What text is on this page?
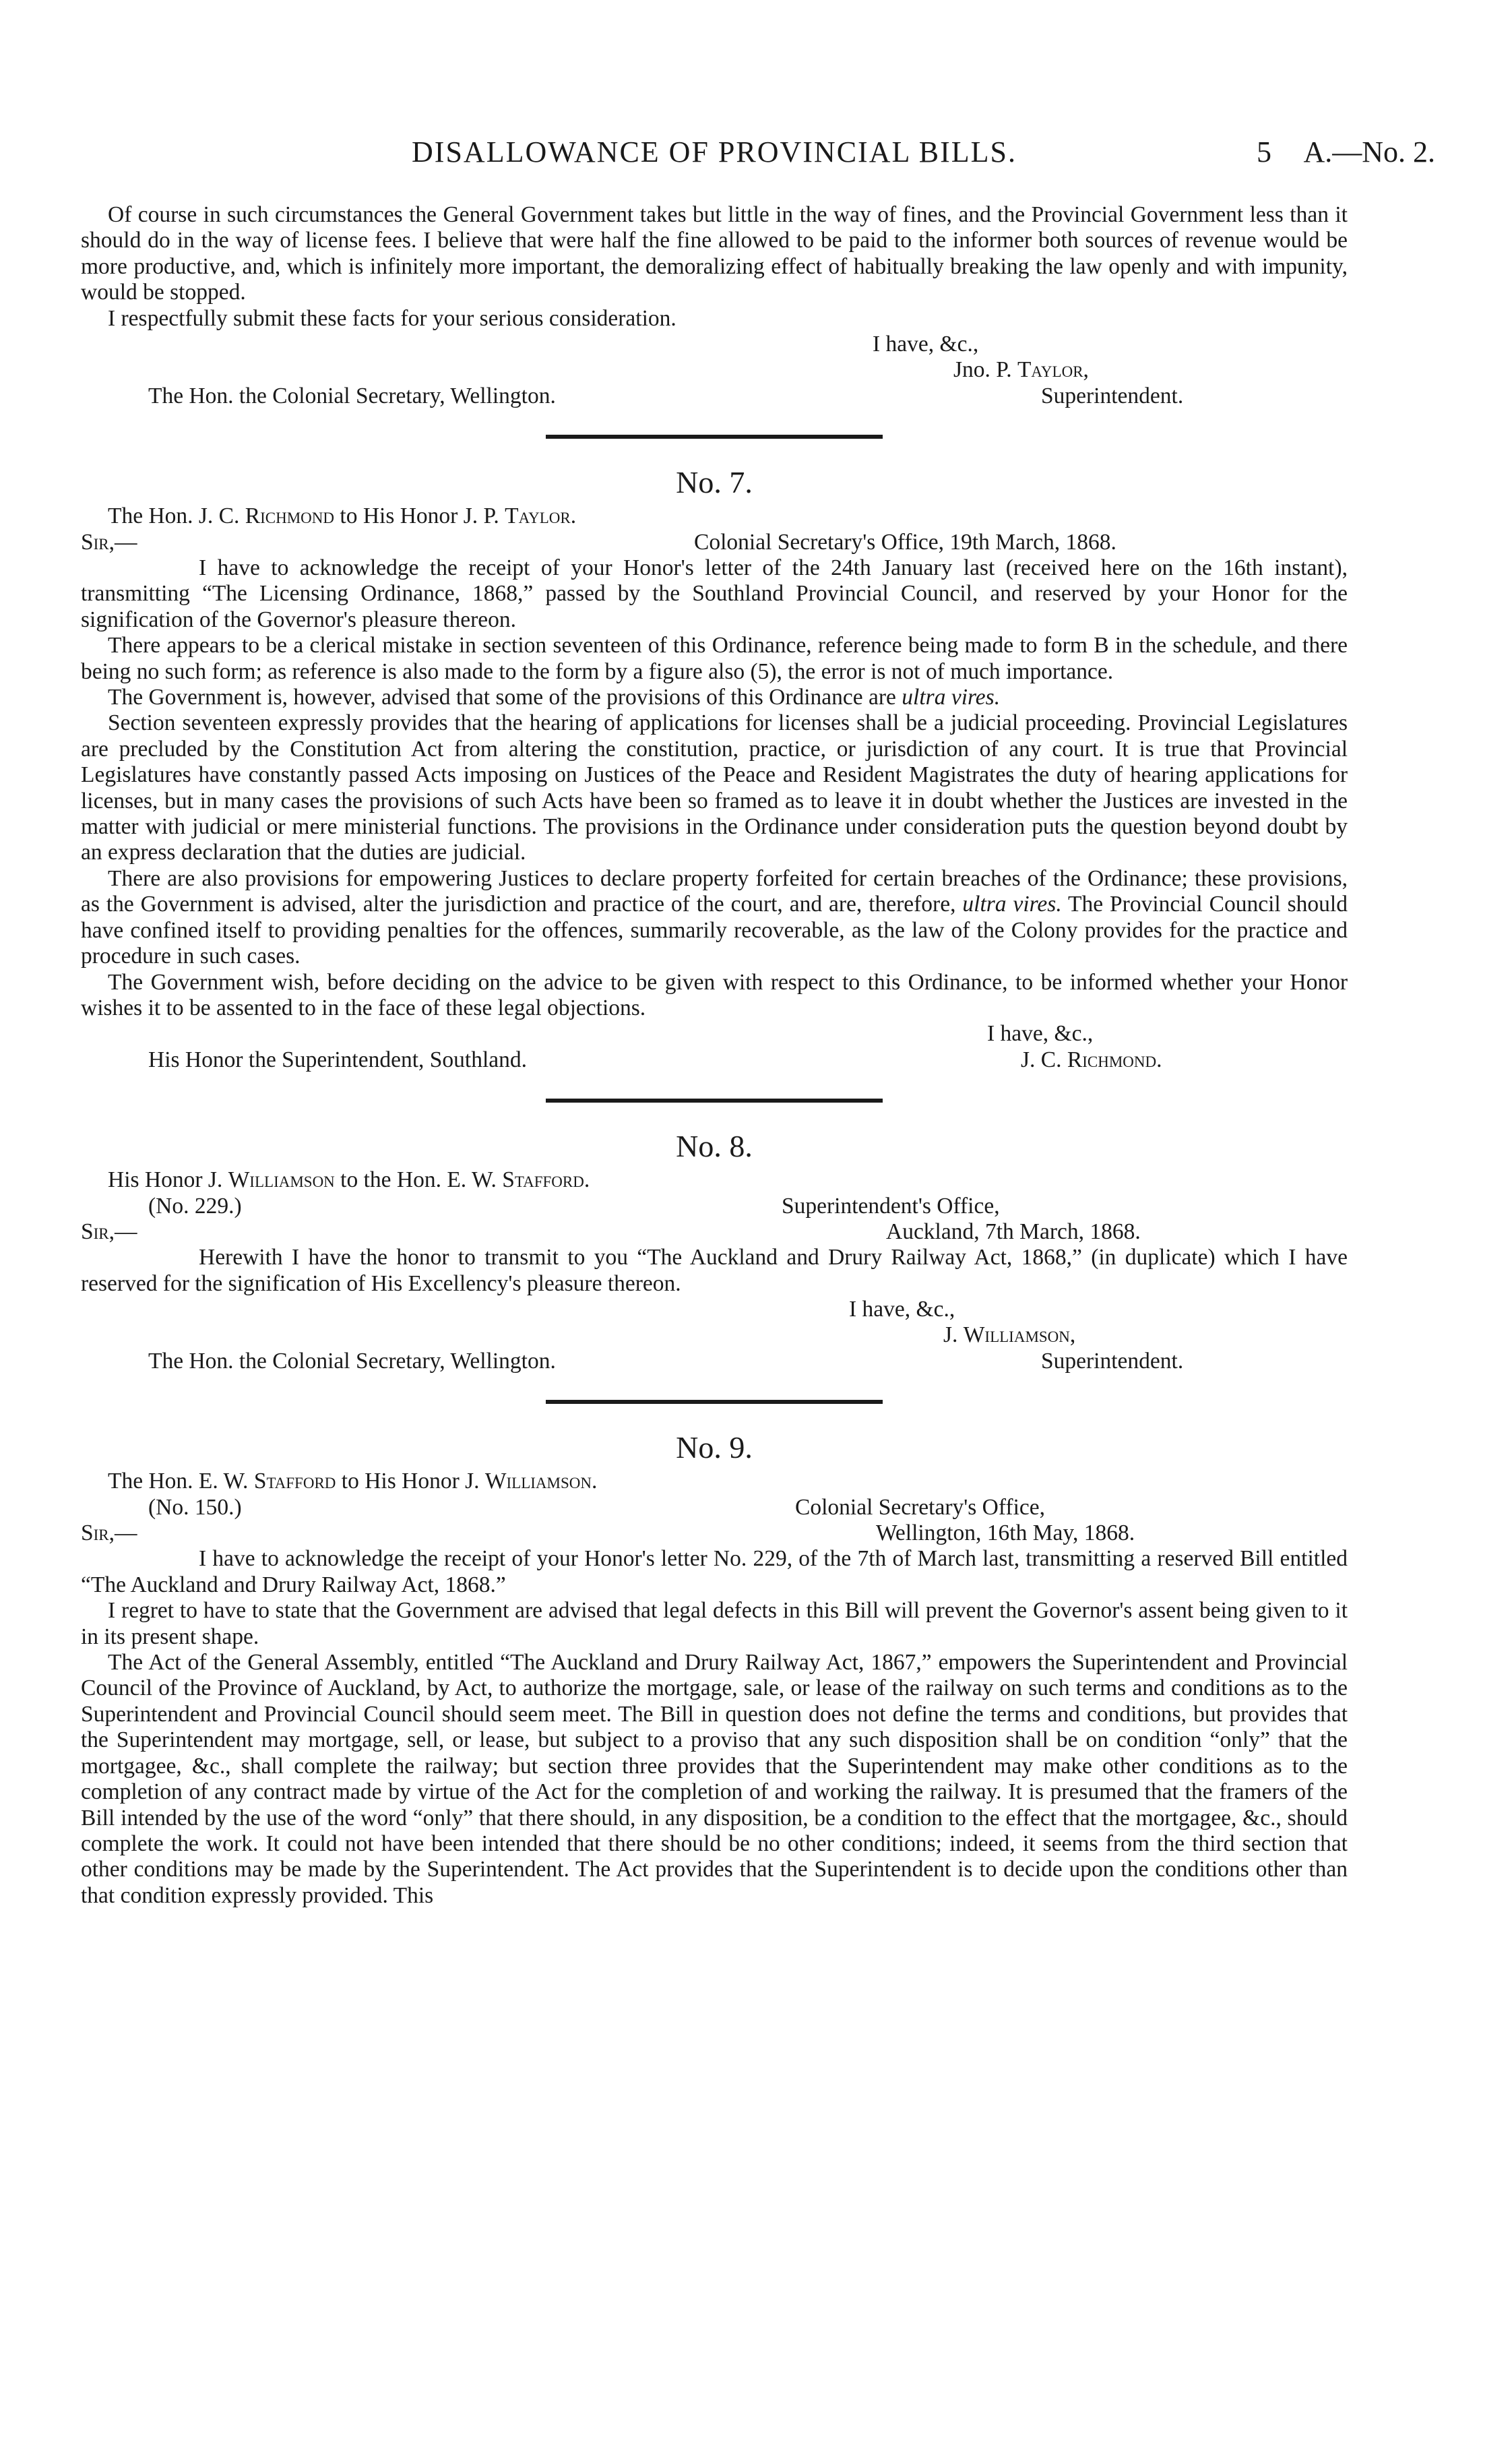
DISALLOWANCE OF PROVINCIAL BILLS.	5 A.—No. 2.

Of course in such circumstances the General Government takes but little in the way of fines, and the Provincial Government less than it should do in the way of license fees. I believe that were half the fine allowed to be paid to the informer both sources of revenue would be more productive, and, which is infinitely more important, the demoralizing effect of habitually breaking the law openly and with impunity, would be stopped.

I respectfully submit these facts for your serious consideration.

I have, &c.,
Jno. P. Taylor,
The Hon. the Colonial Secretary, Wellington.	Superintendent.
No. 7.

The Hon. J. C. Richmond to His Honor J. P. Taylor.

Sir,—	Colonial Secretary's Office, 19th March, 1868.

I have to acknowledge the receipt of your Honor's letter of the 24th January last (received here on the 16th instant), transmitting “The Licensing Ordinance, 1868,” passed by the Southland Provincial Council, and reserved by your Honor for the signification of the Governor's pleasure thereon.

There appears to be a clerical mistake in section seventeen of this Ordinance, reference being made to form B in the schedule, and there being no such form; as reference is also made to the form by a figure also (5), the error is not of much importance.

The Government is, however, advised that some of the provisions of this Ordinance are ultra vires.

Section seventeen expressly provides that the hearing of applications for licenses shall be a judicial proceeding. Provincial Legislatures are precluded by the Constitution Act from altering the constitution, practice, or jurisdiction of any court. It is true that Provincial Legislatures have constantly passed Acts imposing on Justices of the Peace and Resident Magistrates the duty of hearing applications for licenses, but in many cases the provisions of such Acts have been so framed as to leave it in doubt whether the Justices are invested in the matter with judicial or mere ministerial functions. The provisions in the Ordinance under consideration puts the question beyond doubt by an express declaration that the duties are judicial.

There are also provisions for empowering Justices to declare property forfeited for certain breaches of the Ordinance; these provisions, as the Government is advised, alter the jurisdiction and practice of the court, and are, therefore, ultra vires. The Provincial Council should have confined itself to providing penalties for the offences, summarily recoverable, as the law of the Colony provides for the practice and procedure in such cases.

The Government wish, before deciding on the advice to be given with respect to this Ordinance, to be informed whether your Honor wishes it to be assented to in the face of these legal objections.

I have, &c.,
His Honor the Superintendent, Southland.	J. C. Richmond.
No. 8.

His Honor J. Williamson to the Hon. E. W. Stafford.

(No. 229.)	Superintendent's Office,
Sir,—	Auckland, 7th March, 1868.

Herewith I have the honor to transmit to you “The Auckland and Drury Railway Act, 1868,” (in duplicate) which I have reserved for the signification of His Excellency's pleasure thereon.

I have, &c.,
J. Williamson,
The Hon. the Colonial Secretary, Wellington.	Superintendent.
No. 9.

The Hon. E. W. Stafford to His Honor J. Williamson.

(No. 150.)	Colonial Secretary's Office,
Sir,—	Wellington, 16th May, 1868.

I have to acknowledge the receipt of your Honor's letter No. 229, of the 7th of March last, transmitting a reserved Bill entitled “The Auckland and Drury Railway Act, 1868.”

I regret to have to state that the Government are advised that legal defects in this Bill will prevent the Governor's assent being given to it in its present shape.

The Act of the General Assembly, entitled “The Auckland and Drury Railway Act, 1867,” empowers the Superintendent and Provincial Council of the Province of Auckland, by Act, to authorize the mortgage, sale, or lease of the railway on such terms and conditions as to the Superintendent and Provincial Council should seem meet. The Bill in question does not define the terms and conditions, but provides that the Superintendent may mortgage, sell, or lease, but subject to a proviso that any such disposition shall be on condition “only” that the mortgagee, &c., shall complete the railway; but section three provides that the Superintendent may make other conditions as to the completion of any contract made by virtue of the Act for the completion of and working the railway. It is presumed that the framers of the Bill intended by the use of the word “only” that there should, in any disposition, be a condition to the effect that the mortgagee, &c., should complete the work. It could not have been intended that there should be no other conditions; indeed, it seems from the third section that other conditions may be made by the Superintendent. The Act provides that the Superintendent is to decide upon the conditions other than that condition expressly provided. This
